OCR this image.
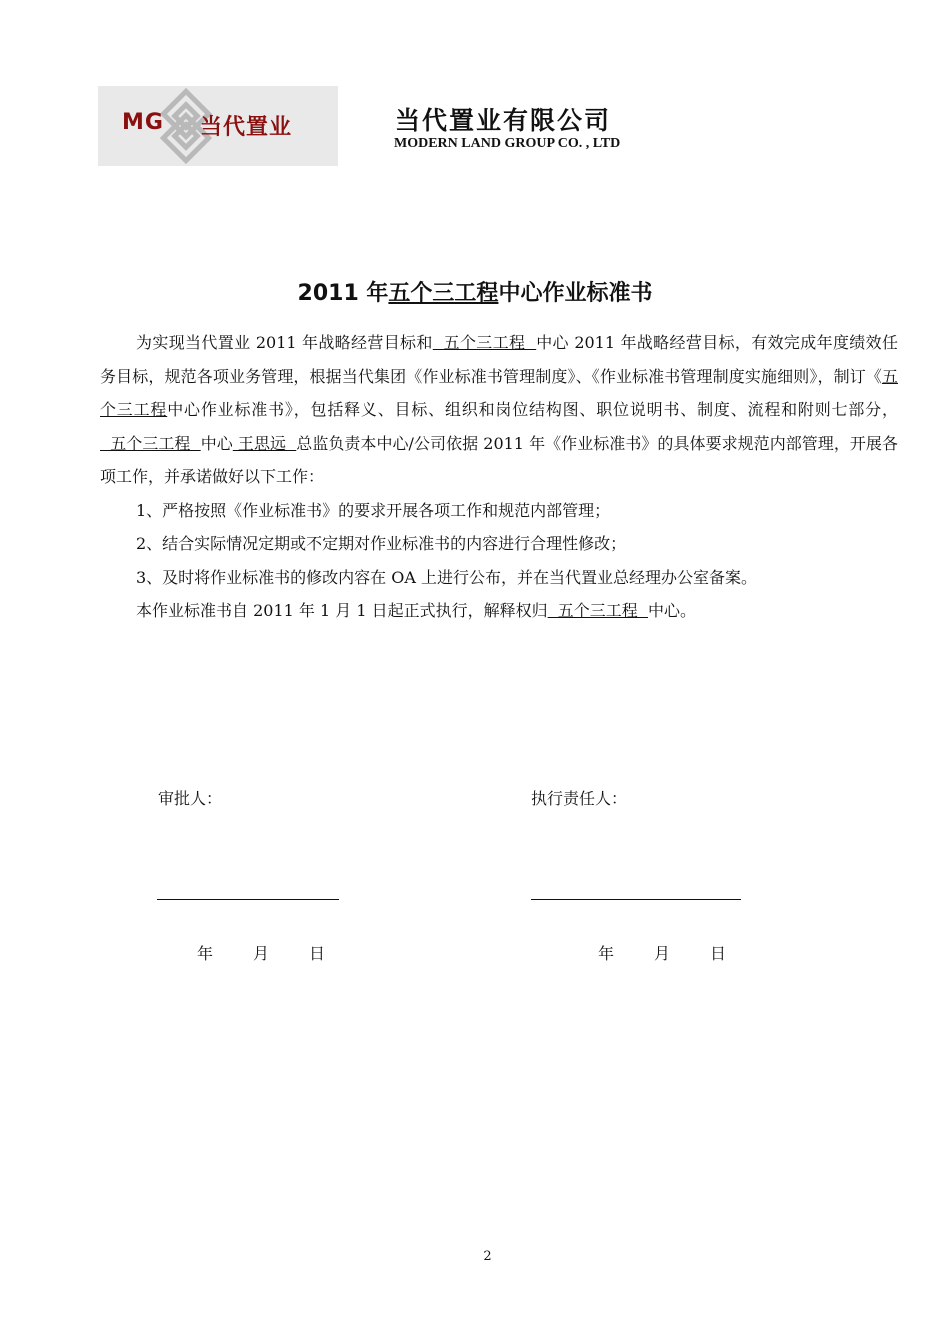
MG 当代置业	当代置业有限公司
MODERN LAND GROUP CO. , LTD
2011 年五个三工程中心作业标准书

为实现当代置业 2011 年战略经营目标和  五个三工程  中心 2011 年战略经营目标，有效完成年度绩效任务目标，规范各项业务管理，根据当代集团《作业标准书管理制度》、《作业标准书管理制度实施细则》，制订《五个三工程中心作业标准书》，包括释义、目标、组织和岗位结构图、职位说明书、制度、流程和附则七部分，  五个三工程  中心 王思远  总监负责本中心/公司依据 2011 年《作业标准书》的具体要求规范内部管理，开展各项工作，并承诺做好以下工作：

1、严格按照《作业标准书》的要求开展各项工作和规范内部管理；

2、结合实际情况定期或不定期对作业标准书的内容进行合理性修改；

3、及时将作业标准书的修改内容在 OA 上进行公布，并在当代置业总经理办公室备案。

本作业标准书自 2011 年 1 月 1 日起正式执行，解释权归  五个三工程  中心。

审批人：	执行责任人：
年	月	日	年	月	日
2
